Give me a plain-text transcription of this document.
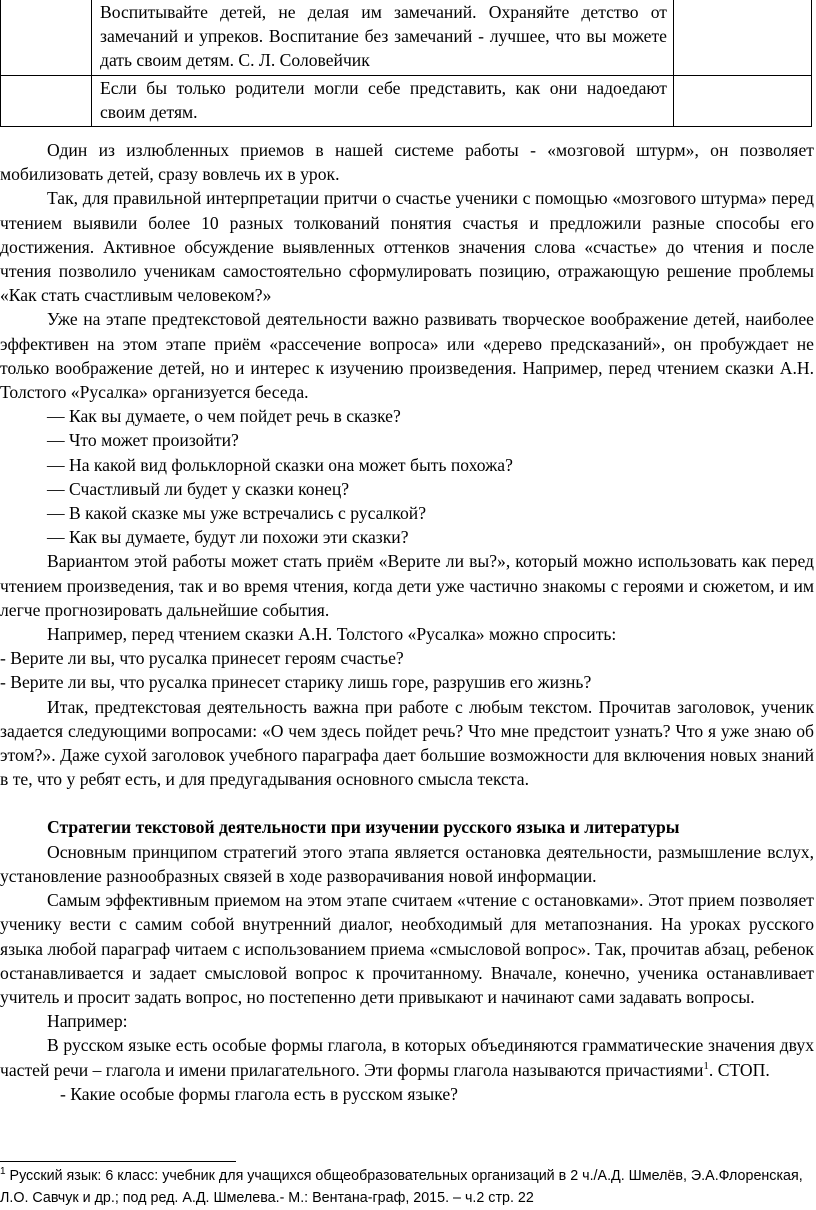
	Воспитывайте детей, не делая им замечаний. Охраняйте детство от замечаний и упреков. Воспитание без замечаний - лучшее, что вы можете дать своим детям. С. Л. Соловейчик	
	Если бы только родители могли себе представить, как они надоедают своим детям.	

Один из излюбленных приемов в нашей системе работы - «мозговой штурм», он позволяет мобилизовать детей, сразу вовлечь их в урок.

Так, для правильной интерпретации притчи о счастье ученики с помощью «мозгового штурма» перед чтением выявили более 10 разных толкований понятия счастья и предложили разные способы его достижения. Активное обсуждение выявленных оттенков значения слова «счастье» до чтения и после чтения позволило ученикам самостоятельно сформулировать позицию, отражающую решение проблемы «Как стать счастливым человеком?»

Уже на этапе предтекстовой деятельности важно развивать творческое воображение детей, наиболее эффективен на этом этапе приём «рассечение вопроса» или «дерево предсказаний», он пробуждает не только воображение детей, но и интерес к изучению произведения. Например, перед чтением сказки А.Н. Толстого «Русалка» организуется беседа.

— Как вы думаете, о чем пойдет речь в сказке?
— Что может произойти?
— На какой вид фольклорной сказки она может быть похожа?
— Счастливый ли будет у сказки конец?
— В какой сказке мы уже встречались с русалкой?
— Как вы думаете, будут ли похожи эти сказки?

Вариантом этой работы может стать приём «Верите ли вы?», который можно использовать как перед чтением произведения, так и во время чтения, когда дети уже частично знакомы с героями и сюжетом, и им легче прогнозировать дальнейшие события.

Например, перед чтением сказки А.Н. Толстого «Русалка» можно спросить:

- Верите ли вы, что русалка принесет героям счастье?

- Верите ли вы, что русалка принесет старику лишь горе, разрушив его жизнь?

Итак, предтекстовая деятельность важна при работе с любым текстом. Прочитав заголовок, ученик задается следующими вопросами: «О чем здесь пойдет речь? Что мне предстоит узнать? Что я уже знаю об этом?». Даже сухой заголовок учебного параграфа дает большие возможности для включения новых знаний в те, что у ребят есть, и для предугадывания основного смысла текста.

Стратегии текстовой деятельности при изучении русского языка и литературы

Основным принципом стратегий этого этапа является остановка деятельности, размышление вслух, установление разнообразных связей в ходе разворачивания новой информации.

Самым эффективным приемом на этом этапе считаем «чтение с остановками». Этот прием позволяет ученику вести с самим собой внутренний диалог, необходимый для метапознания. На уроках русского языка любой параграф читаем с использованием приема «смысловой вопрос». Так, прочитав абзац, ребенок останавливается и задает смысловой вопрос к прочитанному. Вначале, конечно, ученика останавливает учитель и просит задать вопрос, но постепенно дети привыкают и начинают сами задавать вопросы.

Например:

В русском языке есть особые формы глагола, в которых объединяются грамматические значения двух частей речи – глагола и имени прилагательного. Эти формы глагола называются причастиями$^1$. СТОП.

- Какие особые формы глагола есть в русском языке?

$^1$ Русский язык: 6 класс: учебник для учащихся общеобразовательных организаций в 2 ч./А.Д. Шмелёв, Э.А.Флоренская, Л.О. Савчук и др.; под ред. А.Д. Шмелева.- М.: Вентана-граф, 2015. – ч.2 стр. 22
